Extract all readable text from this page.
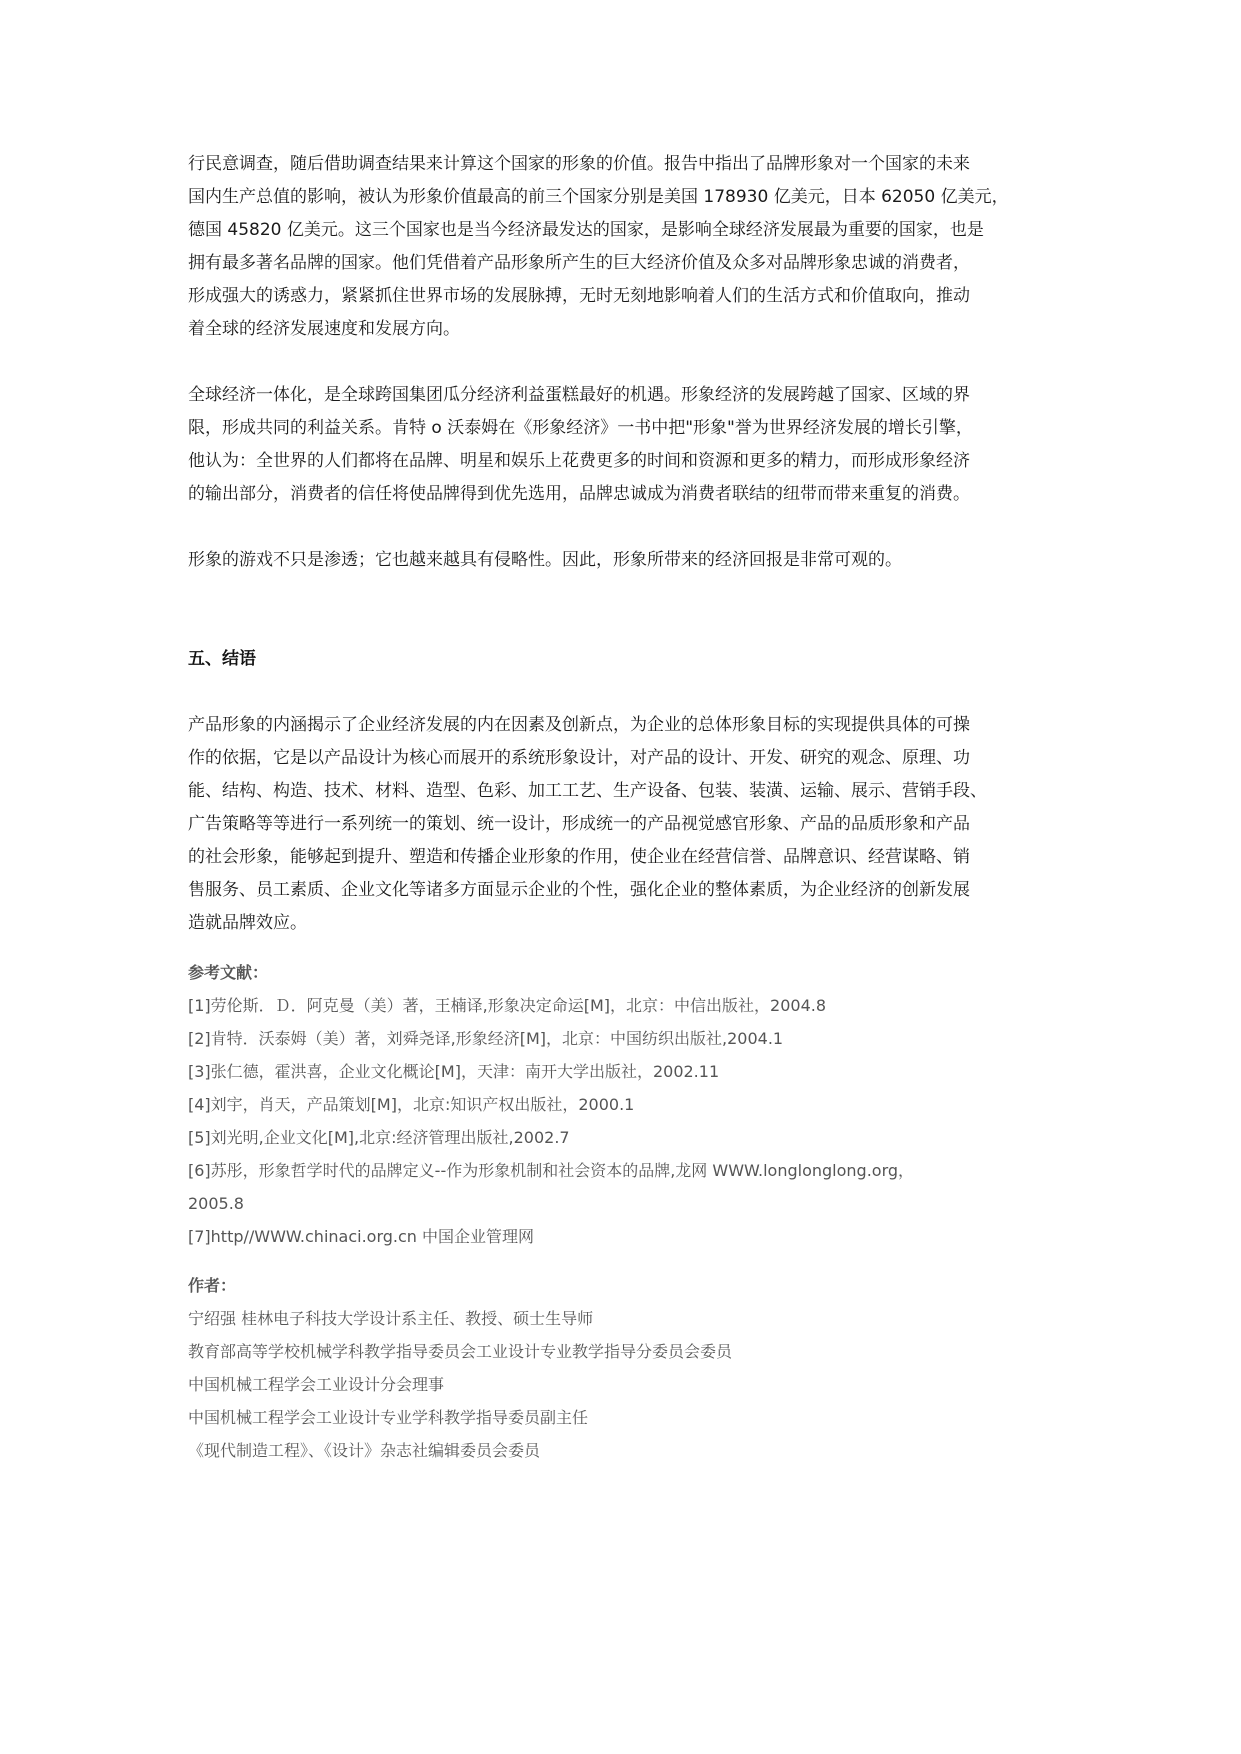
行民意调查，随后借助调查结果来计算这个国家的形象的价值。报告中指出了品牌形象对一个国家的未来
国内生产总值的影响，被认为形象价值最高的前三个国家分别是美国 178930 亿美元，日本 62050 亿美元，
德国 45820 亿美元。这三个国家也是当今经济最发达的国家，是影响全球经济发展最为重要的国家，也是
拥有最多著名品牌的国家。他们凭借着产品形象所产生的巨大经济价值及众多对品牌形象忠诚的消费者，
形成强大的诱惑力，紧紧抓住世界市场的发展脉搏，无时无刻地影响着人们的生活方式和价值取向，推动
着全球的经济发展速度和发展方向。
全球经济一体化，是全球跨国集团瓜分经济利益蛋糕最好的机遇。形象经济的发展跨越了国家、区域的界
限，形成共同的利益关系。肯特 o 沃泰姆在《形象经济》一书中把"形象"誉为世界经济发展的增长引擎，
他认为：全世界的人们都将在品牌、明星和娱乐上花费更多的时间和资源和更多的精力，而形成形象经济
的输出部分，消费者的信任将使品牌得到优先选用，品牌忠诚成为消费者联结的纽带而带来重复的消费。
形象的游戏不只是渗透；它也越来越具有侵略性。因此，形象所带来的经济回报是非常可观的。
五、结语
产品形象的内涵揭示了企业经济发展的内在因素及创新点，为企业的总体形象目标的实现提供具体的可操
作的依据，它是以产品设计为核心而展开的系统形象设计，对产品的设计、开发、研究的观念、原理、功
能、结构、构造、技术、材料、造型、色彩、加工工艺、生产设备、包装、装潢、运输、展示、营销手段、
广告策略等等进行一系列统一的策划、统一设计，形成统一的产品视觉感官形象、产品的品质形象和产品
的社会形象，能够起到提升、塑造和传播企业形象的作用，使企业在经营信誉、品牌意识、经营谋略、销
售服务、员工素质、企业文化等诸多方面显示企业的个性，强化企业的整体素质，为企业经济的创新发展
造就品牌效应。
参考文献：
[1]劳伦斯．Ｄ．阿克曼（美）著，王楠译,形象决定命运[M]，北京：中信出版社，2004.8
[2]肯特．沃泰姆（美）著，刘舜尧译,形象经济[M]，北京：中国纺织出版社,2004.1
[3]张仁德，霍洪喜，企业文化概论[M]，天津：南开大学出版社，2002.11
[4]刘宇，肖天，产品策划[M]，北京:知识产权出版社，2000.1
[5]刘光明,企业文化[M],北京:经济管理出版社,2002.7
[6]苏彤，形象哲学时代的品牌定义--作为形象机制和社会资本的品牌,龙网 WWW.longlonglong.org，
2005.8
[7]http//WWW.chinaci.org.cn 中国企业管理网
作者：
宁绍强 桂林电子科技大学设计系主任、教授、硕士生导师
教育部高等学校机械学科教学指导委员会工业设计专业教学指导分委员会委员
中国机械工程学会工业设计分会理事
中国机械工程学会工业设计专业学科教学指导委员副主任
《现代制造工程》、《设计》杂志社编辑委员会委员
